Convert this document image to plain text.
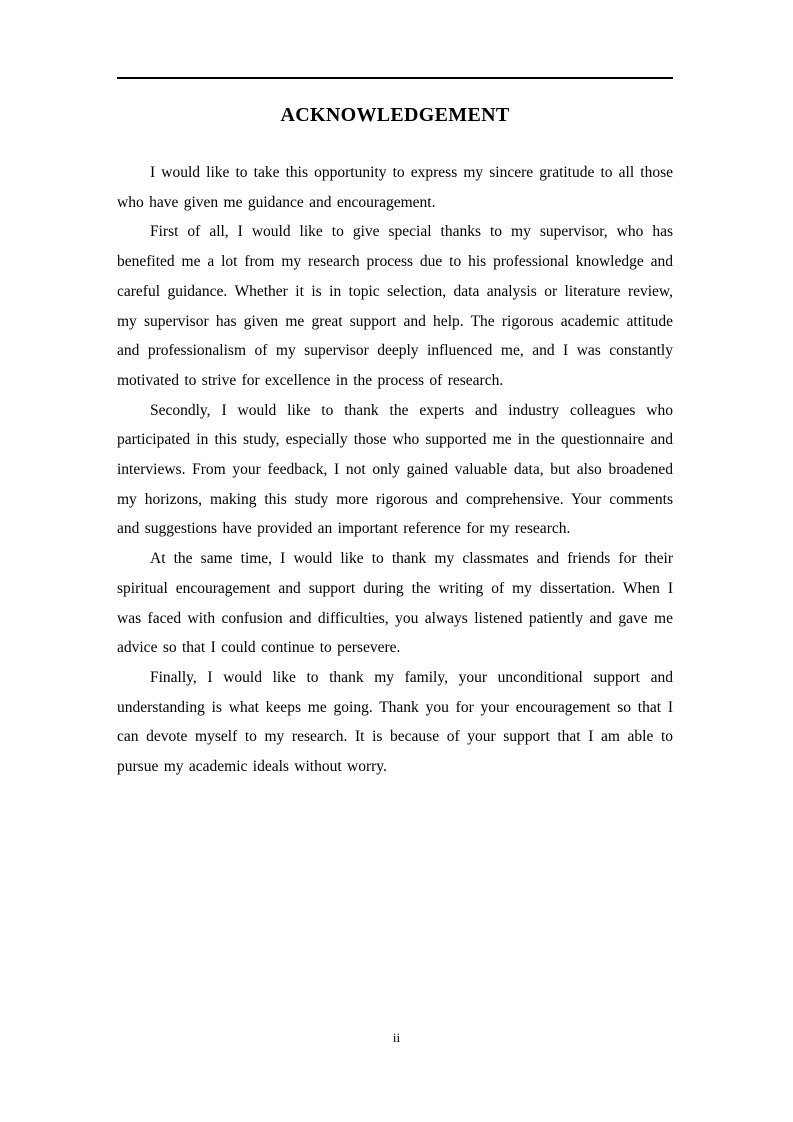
ACKNOWLEDGEMENT

I would like to take this opportunity to express my sincere gratitude to all those who have given me guidance and encouragement.

First of all, I would like to give special thanks to my supervisor, who has benefited me a lot from my research process due to his professional knowledge and careful guidance. Whether it is in topic selection, data analysis or literature review, my supervisor has given me great support and help. The rigorous academic attitude and professionalism of my supervisor deeply influenced me, and I was constantly motivated to strive for excellence in the process of research.

Secondly, I would like to thank the experts and industry colleagues who participated in this study, especially those who supported me in the questionnaire and interviews. From your feedback, I not only gained valuable data, but also broadened my horizons, making this study more rigorous and comprehensive. Your comments and suggestions have provided an important reference for my research.

At the same time, I would like to thank my classmates and friends for their spiritual encouragement and support during the writing of my dissertation. When I was faced with confusion and difficulties, you always listened patiently and gave me advice so that I could continue to persevere.

Finally, I would like to thank my family, your unconditional support and understanding is what keeps me going. Thank you for your encouragement so that I can devote myself to my research. It is because of your support that I am able to pursue my academic ideals without worry.

ii
